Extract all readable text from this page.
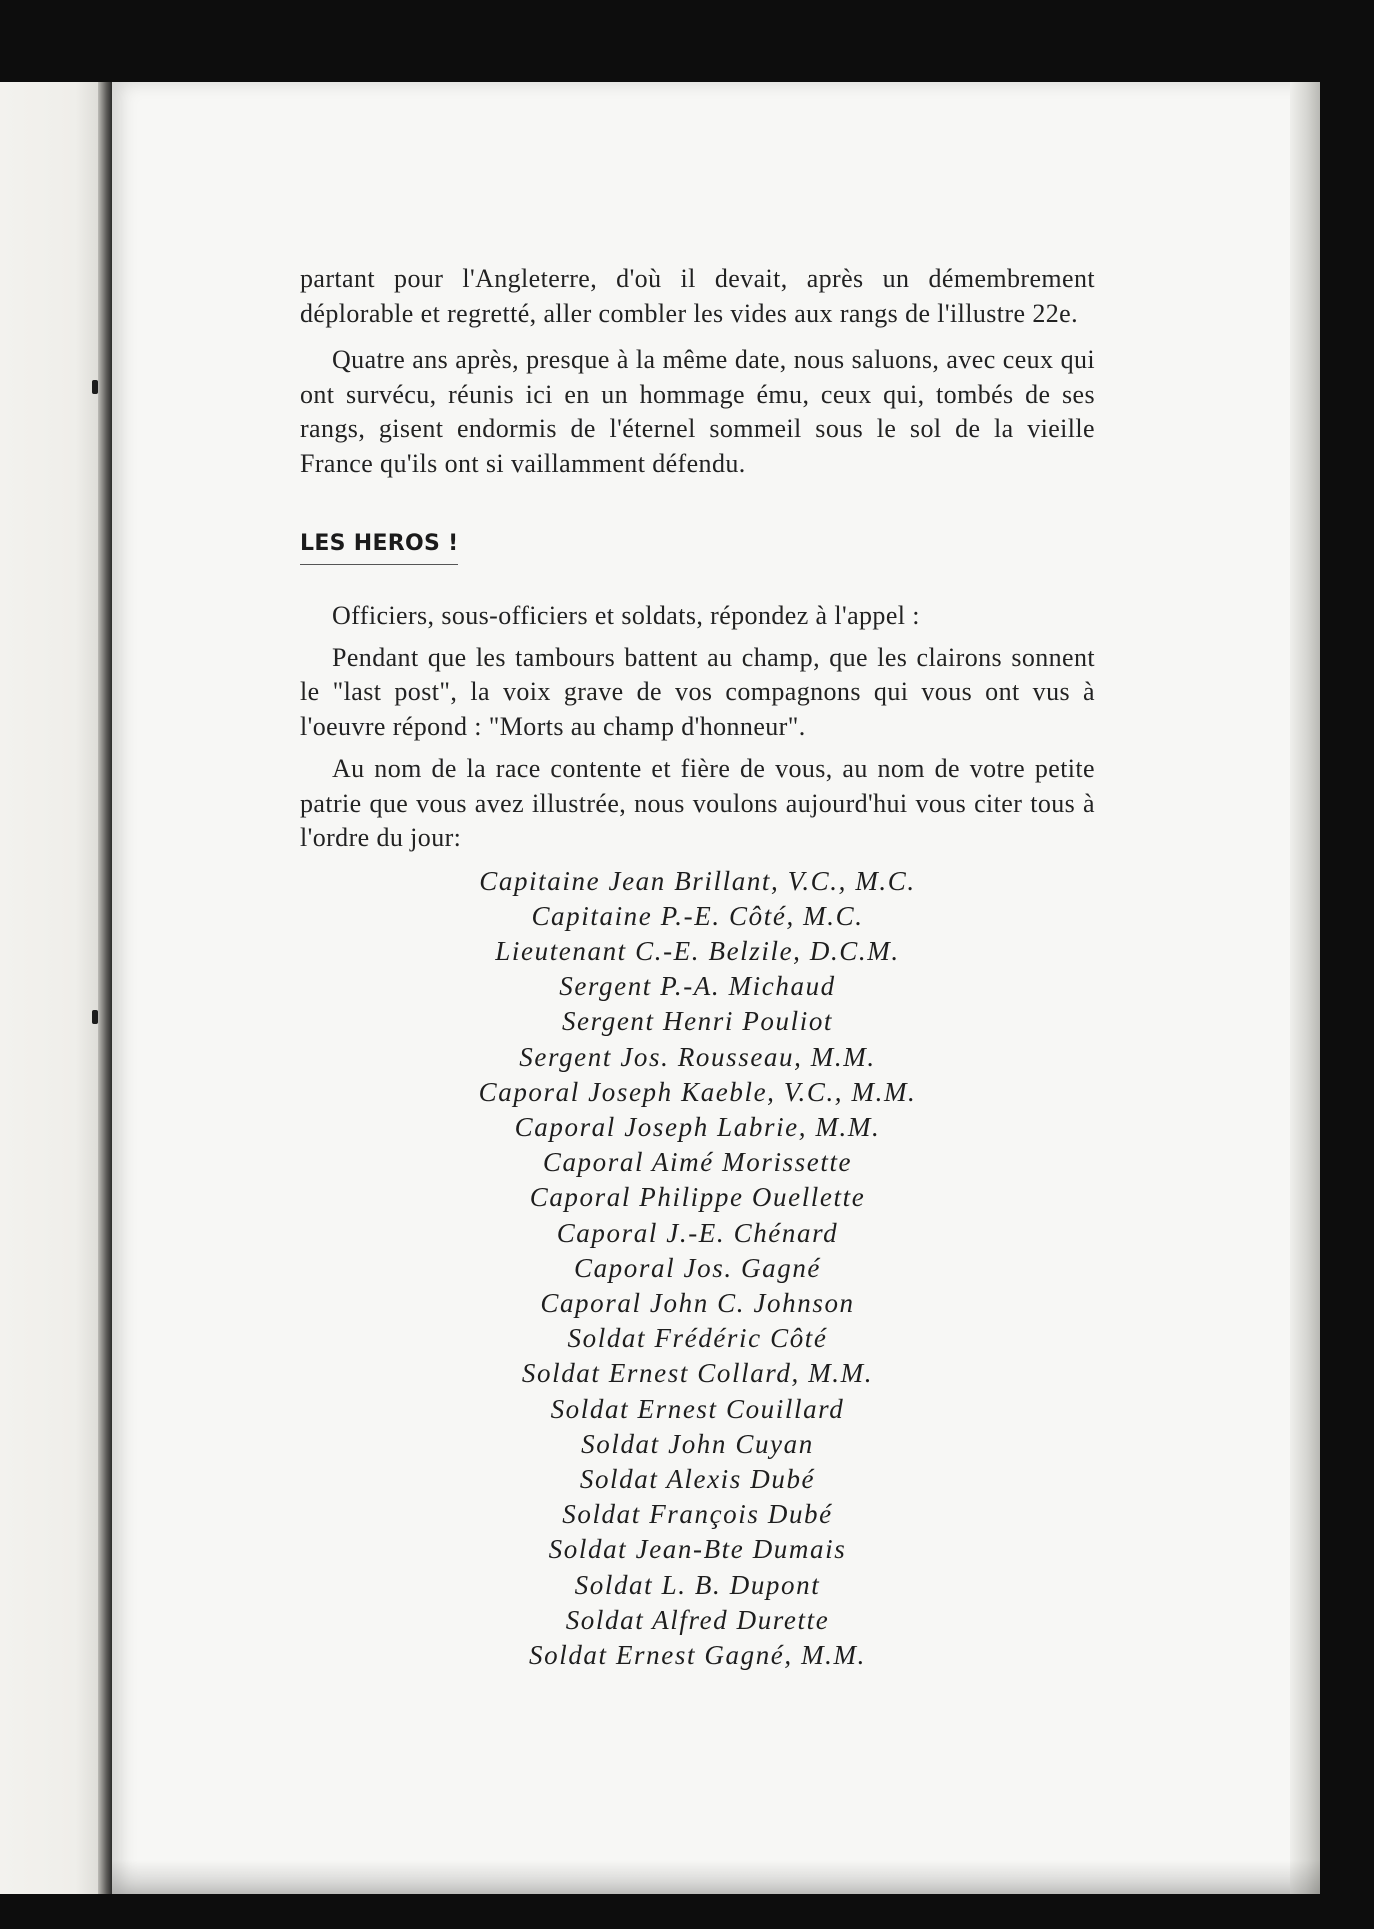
partant pour l'Angleterre, d'où il devait, après un démembrement déplorable et regretté, aller combler les vides aux rangs de l'illustre 22e.

Quatre ans après, presque à la même date, nous saluons, avec ceux qui ont survécu, réunis ici en un hommage ému, ceux qui, tombés de ses rangs, gisent endormis de l'éternel sommeil sous le sol de la vieille France qu'ils ont si vaillamment défendu.

LES HEROS !

Officiers, sous-officiers et soldats, répondez à l'appel :

Pendant que les tambours battent au champ, que les clairons sonnent le "last post", la voix grave de vos compagnons qui vous ont vus à l'oeuvre répond : "Morts au champ d'honneur".

Au nom de la race contente et fière de vous, au nom de votre petite patrie que vous avez illustrée, nous voulons aujourd'hui vous citer tous à l'ordre du jour:

Capitaine Jean Brillant, V.C., M.C.
Capitaine P.-E. Côté, M.C.
Lieutenant C.-E. Belzile, D.C.M.
Sergent P.-A. Michaud
Sergent Henri Pouliot
Sergent Jos. Rousseau, M.M.
Caporal Joseph Kaeble, V.C., M.M.
Caporal Joseph Labrie, M.M.
Caporal Aimé Morissette
Caporal Philippe Ouellette
Caporal J.-E. Chénard
Caporal Jos. Gagné
Caporal John C. Johnson
Soldat Frédéric Côté
Soldat Ernest Collard, M.M.
Soldat Ernest Couillard
Soldat John Cuyan
Soldat Alexis Dubé
Soldat François Dubé
Soldat Jean-Bte Dumais
Soldat L. B. Dupont
Soldat Alfred Durette
Soldat Ernest Gagné, M.M.
